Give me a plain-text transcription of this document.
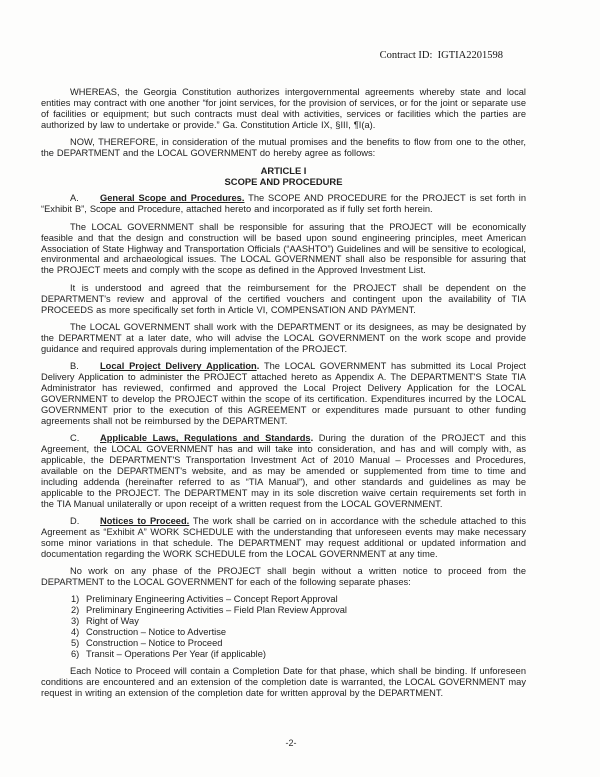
Contract ID:  IGTIA2201598

WHEREAS, the Georgia Constitution authorizes intergovernmental agreements whereby state and local entities may contract with one another “for joint services, for the provision of services, or for the joint or separate use of facilities or equipment; but such contracts must deal with activities, services or facilities which the parties are authorized by law to undertake or provide.” Ga. Constitution Article IX, §III, ¶I(a).

NOW, THEREFORE, in consideration of the mutual promises and the benefits to flow from one to the other, the DEPARTMENT and the LOCAL GOVERNMENT do hereby agree as follows:

ARTICLE I
SCOPE AND PROCEDURE

A. General Scope and Procedures. The SCOPE AND PROCEDURE for the PROJECT is set forth in “Exhibit B”, Scope and Procedure, attached hereto and incorporated as if fully set forth herein.

The LOCAL GOVERNMENT shall be responsible for assuring that the PROJECT will be economically feasible and that the design and construction will be based upon sound engineering principles, meet American Association of State Highway and Transportation Officials (“AASHTO”) Guidelines and will be sensitive to ecological, environmental and archaeological issues. The LOCAL GOVERNMENT shall also be responsible for assuring that the PROJECT meets and comply with the scope as defined in the Approved Investment List.

It is understood and agreed that the reimbursement for the PROJECT shall be dependent on the DEPARTMENT's review and approval of the certified vouchers and contingent upon the availability of TIA PROCEEDS as more specifically set forth in Article VI, COMPENSATION AND PAYMENT.

The LOCAL GOVERNMENT shall work with the DEPARTMENT or its designees, as may be designated by the DEPARTMENT at a later date, who will advise the LOCAL GOVERNMENT on the work scope and provide guidance and required approvals during implementation of the PROJECT.

B. Local Project Delivery Application. The LOCAL GOVERNMENT has submitted its Local Project Delivery Application to administer the PROJECT attached hereto as Appendix A. The DEPARTMENT'S State TIA Administrator has reviewed, confirmed and approved the Local Project Delivery Application for the LOCAL GOVERNMENT to develop the PROJECT within the scope of its certification. Expenditures incurred by the LOCAL GOVERNMENT prior to the execution of this AGREEMENT or expenditures made pursuant to other funding agreements shall not be reimbursed by the DEPARTMENT.

C. Applicable Laws, Regulations and Standards. During the duration of the PROJECT and this Agreement, the LOCAL GOVERNMENT has and will take into consideration, and has and will comply with, as applicable, the DEPARTMENT'S Transportation Investment Act of 2010 Manual – Processes and Procedures, available on the DEPARTMENT's website, and as may be amended or supplemented from time to time and including addenda (hereinafter referred to as “TIA Manual”), and other standards and guidelines as may be applicable to the PROJECT. The DEPARTMENT may in its sole discretion waive certain requirements set forth in the TIA Manual unilaterally or upon receipt of a written request from the LOCAL GOVERNMENT.

D. Notices to Proceed. The work shall be carried on in accordance with the schedule attached to this Agreement as “Exhibit A” WORK SCHEDULE with the understanding that unforeseen events may make necessary some minor variations in that schedule. The DEPARTMENT may request additional or updated information and documentation regarding the WORK SCHEDULE from the LOCAL GOVERNMENT at any time.

No work on any phase of the PROJECT shall begin without a written notice to proceed from the DEPARTMENT to the LOCAL GOVERNMENT for each of the following separate phases:

1) Preliminary Engineering Activities – Concept Report Approval
2) Preliminary Engineering Activities – Field Plan Review Approval
3) Right of Way
4) Construction – Notice to Advertise
5) Construction – Notice to Proceed
6) Transit – Operations Per Year (if applicable)

Each Notice to Proceed will contain a Completion Date for that phase, which shall be binding. If unforeseen conditions are encountered and an extension of the completion date is warranted, the LOCAL GOVERNMENT may request in writing an extension of the completion date for written approval by the DEPARTMENT.

-2-
